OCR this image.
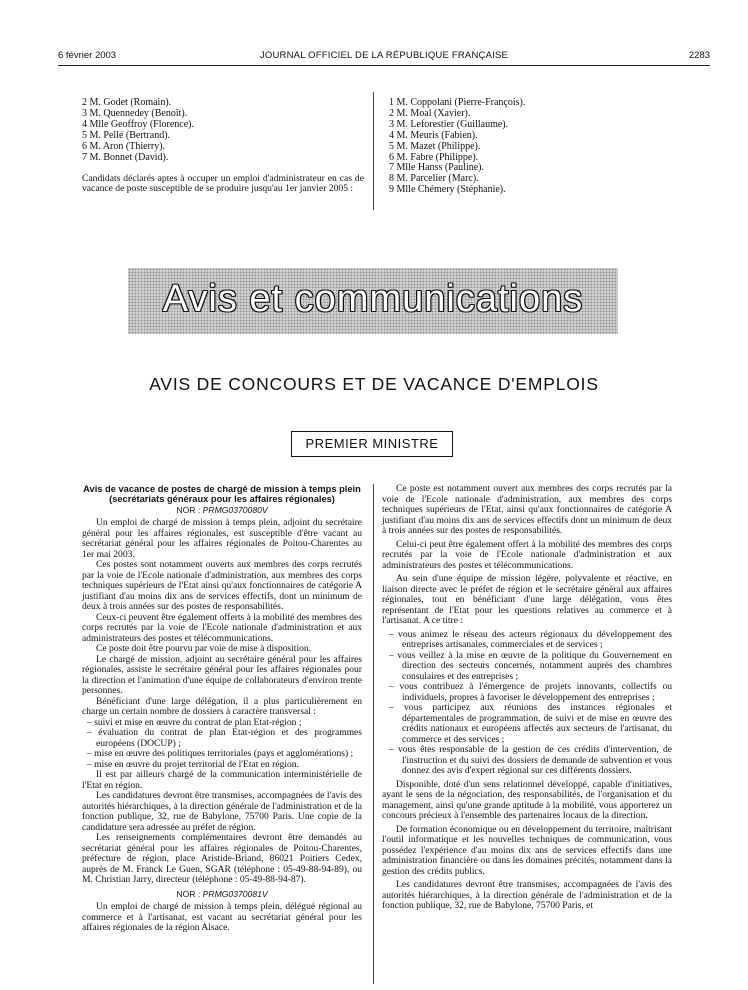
6 février 2003	JOURNAL OFFICIEL DE LA RÉPUBLIQUE FRANÇAISE	2283
2 M. Godet (Romain).
3 M. Quennedey (Benoît).
4 Mlle Geoffroy (Florence).
5 M. Pellé (Bertrand).
6 M. Aron (Thierry).
7 M. Bonnet (David).

Candidats déclarés aptes à occuper un emploi d'administrateur en cas de vacance de poste susceptible de se produire jusqu'au 1er janvier 2005 :

1 M. Coppolani (Pierre-François).
2 M. Moal (Xavier).
3 M. Leforestier (Guillaume).
4 M. Meuris (Fabien).
5 M. Mazet (Philippe).
6 M. Fabre (Philippe).
7 Mlle Hanss (Pauline).
8 M. Parcelier (Marc).
9 Mlle Chémery (Stéphanie).
Avis et communications
AVIS DE CONCOURS ET DE VACANCE D'EMPLOIS
PREMIER MINISTRE

Avis de vacance de postes de chargé de mission à temps plein (secrétariats généraux pour les affaires régionales)

NOR : PRMG0370080V

Un emploi de chargé de mission à temps plein, adjoint du secrétaire général pour les affaires régionales, est susceptible d'être vacant au secrétariat général pour les affaires régionales de Poitou-Charentes au 1er mai 2003.

Ces postes sont notamment ouverts aux membres des corps recrutés par la voie de l'Ecole nationale d'administration, aux membres des corps techniques supérieurs de l'Etat ainsi qu'aux fonctionnaires de catégorie A justifiant d'au moins dix ans de services effectifs, dont un minimum de deux à trois années sur des postes de responsabilités.

Ceux-ci peuvent être également offerts à la mobilité des membres des corps recrutés par la voie de l'Ecole nationale d'administration et aux administrateurs des postes et télécommunications.

Ce poste doit être pourvu par voie de mise à disposition.

Le chargé de mission, adjoint au secrétaire général pour les affaires régionales, assiste le secrétaire général pour les affaires régionales pour la direction et l'animation d'une équipe de collaborateurs d'environ trente personnes.

Bénéficiant d'une large délégation, il a plus particulièrement en charge un certain nombre de dossiers à caractère transversal :

– suivi et mise en œuvre du contrat de plan Etat-région ;
– évaluation du contrat de plan Etat-région et des programmes européens (DOCUP) ;
– mise en œuvre des politiques territoriales (pays et agglomérations) ;
– mise en œuvre du projet territorial de l'Etat en région.

Il est par ailleurs chargé de la communication interministérielle de l'Etat en région.

Les candidatures devront être transmises, accompagnées de l'avis des autorités hiérarchiques, à la direction générale de l'administration et de la fonction publique, 32, rue de Babylone, 75700 Paris. Une copie de la candidature sera adressée au préfet de région.

Les renseignements complémentaires devront être demandés au secrétariat général pour les affaires régionales de Poitou-Charentes, préfecture de région, place Aristide-Briand, 86021 Poitiers Cedex, auprès de M. Franck Le Guen, SGAR (téléphone : 05-49-88-94-89), ou M. Christian Jarry, directeur (téléphone : 05-49-88-94-87).

NOR : PRMG0370081V

Un emploi de chargé de mission à temps plein, délégué régional au commerce et à l'artisanat, est vacant au secrétariat général pour les affaires régionales de la région Alsace.

Ce poste est notamment ouvert aux membres des corps recrutés par la voie de l'Ecole nationale d'administration, aux membres des corps techniques supérieurs de l'Etat, ainsi qu'aux fonctionnaires de catégorie A justifiant d'au moins dix ans de services effectifs dont un minimum de deux à trois années sur des postes de responsabilités.

Celui-ci peut être également offert à la mobilité des membres des corps recrutés par la voie de l'Ecole nationale d'administration et aux administrateurs des postes et télécommunications.

Au sein d'une équipe de mission légère, polyvalente et réactive, en liaison directe avec le préfet de région et le secrétaire général aux affaires régionales, tout en bénéficiant d'une large délégation, vous êtes représentant de l'Etat pour les questions relatives au commerce et à l'artisanat. A ce titre :

– vous animez le réseau des acteurs régionaux du développement des entreprises artisanales, commerciales et de services ;
– vous veillez à la mise en œuvre de la politique du Gouvernement en direction des secteurs concernés, notamment auprès des chambres consulaires et des entreprises ;
– vous contribuez à l'émergence de projets innovants, collectifs ou individuels, propres à favoriser le développement des entreprises ;
– vous participez aux réunions des instances régionales et départementales de programmation, de suivi et de mise en œuvre des crédits nationaux et européens affectés aux secteurs de l'artisanat, du commerce et des services ;
– vous êtes responsable de la gestion de ces crédits d'intervention, de l'instruction et du suivi des dossiers de demande de subvention et vous donnez des avis d'expert régional sur ces différents dossiers.

Disponible, doté d'un sens relationnel développé, capable d'initiatives, ayant le sens de la négociation, des responsabilités, de l'organisation et du management, ainsi qu'une grande aptitude à la mobilité, vous apporterez un concours précieux à l'ensemble des partenaires locaux de la direction.

De formation économique ou en développement du territoire, maîtrisant l'outil informatique et les nouvelles techniques de communication, vous possédez l'expérience d'au moins dix ans de services effectifs dans une administration financière ou dans les domaines précités, notamment dans la gestion des crédits publics.

Les candidatures devront être transmises, accompagnées de l'avis des autorités hiérarchiques, à la direction générale de l'administration et de la fonction publique, 32, rue de Babylone, 75700 Paris, et
